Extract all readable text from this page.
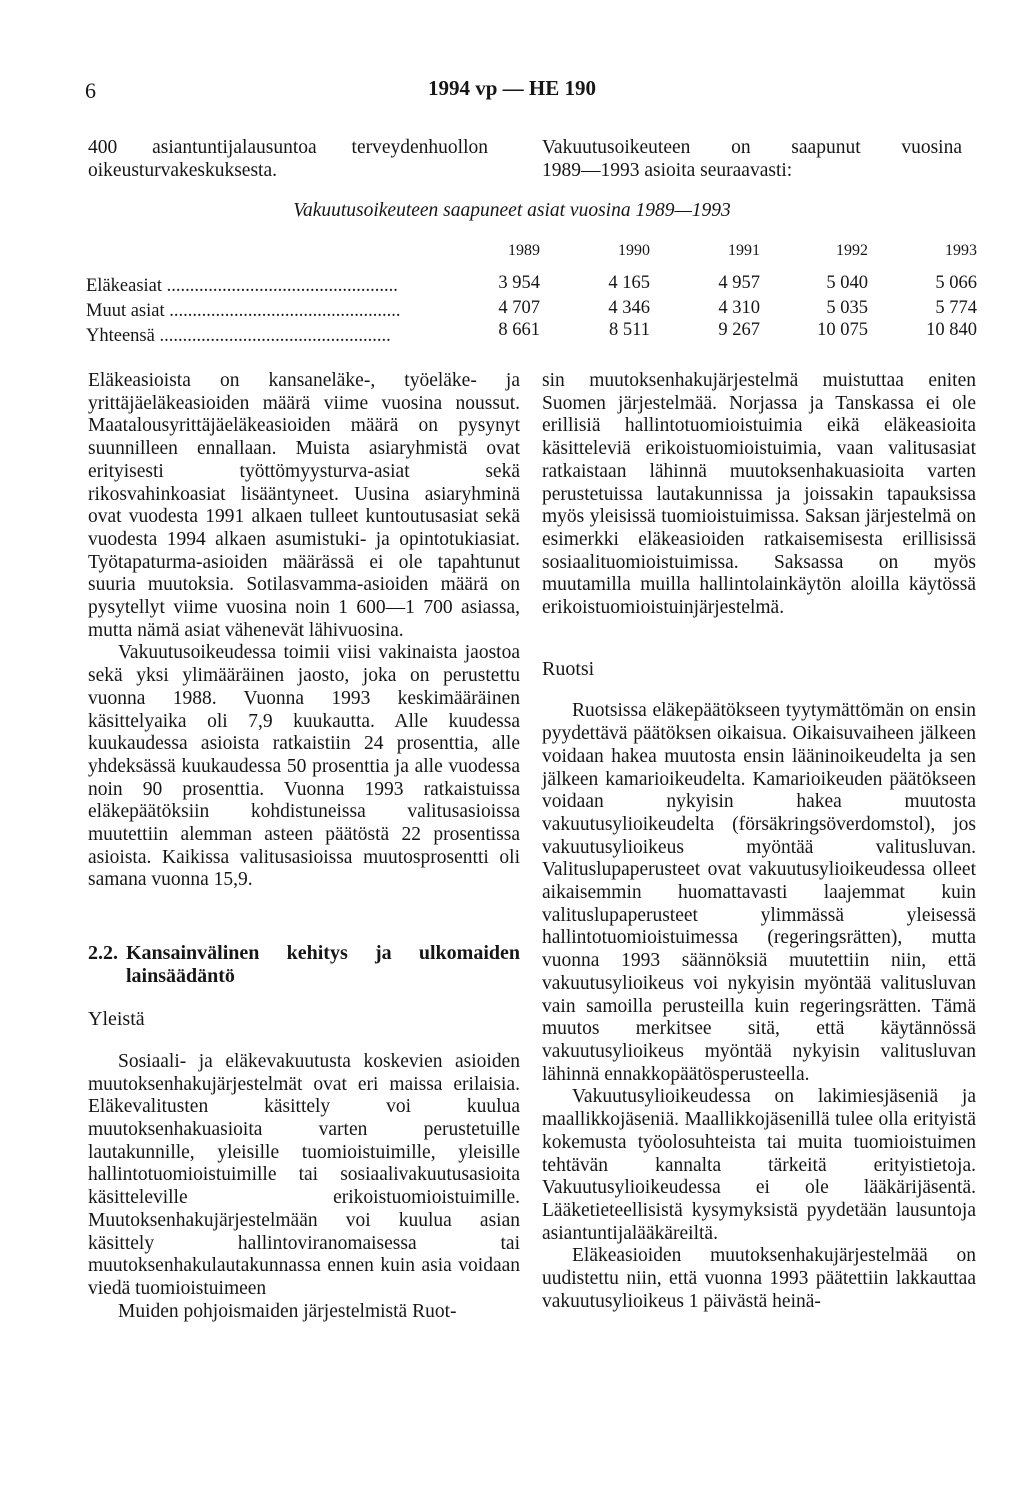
6	1994 vp — HE 190
400 asiantuntijalausuntoa terveydenhuollon oikeusturvakeskuksesta.
Vakuutusoikeuteen on saapunut vuosina
1989—1993 asioita seuraavasti:
Vakuutusoikeuteen saapuneet asiat vuosina 1989—1993
1989	1990	1991	1992	1993
Eläkeasiat ..................................................	3 954	4 165	4 957	5 040	5 066
Muut asiat ..................................................	4 707	4 346	4 310	5 035	5 774
Yhteensä ..................................................	8 661	8 511	9 267	10 075	10 840

Eläkeasioista on kansaneläke-, työeläke- ja yrittäjäeläkeasioiden määrä viime vuosina noussut. Maatalousyrittäjäeläkeasioiden määrä on pysynyt suunnilleen ennallaan. Muista asiaryhmistä ovat erityisesti työttömyysturva-asiat sekä rikosvahinkoasiat lisääntyneet. Uusina asiaryhminä ovat vuodesta 1991 alkaen tulleet kuntoutusasiat sekä vuodesta 1994 alkaen asumistuki- ja opintotukiasiat. Työtapaturma-asioiden määrässä ei ole tapahtunut suuria muutoksia. Sotilasvamma-asioiden määrä on pysytellyt viime vuosina noin 1 600—1 700 asiassa, mutta nämä asiat vähenevät lähivuosina.

Vakuutusoikeudessa toimii viisi vakinaista jaostoa sekä yksi ylimääräinen jaosto, joka on perustettu vuonna 1988. Vuonna 1993 keskimääräinen käsittelyaika oli 7,9 kuukautta. Alle kuudessa kuukaudessa asioista ratkaistiin 24 prosenttia, alle yhdeksässä kuukaudessa 50 prosenttia ja alle vuodessa noin 90 prosenttia. Vuonna 1993 ratkaistuissa eläkepäätöksiin kohdistuneissa valitusasioissa muutettiin alemman asteen päätöstä 22 prosentissa asioista. Kaikissa valitusasioissa muutosprosentti oli samana vuonna 15,9.

2.2. Kansainvälinen kehitys ja ulkomaiden lainsäädäntö

Yleistä

Sosiaali- ja eläkevakuutusta koskevien asioiden muutoksenhakujärjestelmät ovat eri maissa erilaisia. Eläkevalitusten käsittely voi kuulua muutoksenhakuasioita varten perustetuille lautakunnille, yleisille tuomioistuimille, yleisille hallintotuomioistuimille tai sosiaalivakuutusasioita käsitteleville erikoistuomioistuimille. Muutoksenhakujärjestelmään voi kuulua asian käsittely hallintoviranomaisessa tai muutoksenhakulautakunnassa ennen kuin asia voidaan viedä tuomioistuimeen

Muiden pohjoismaiden järjestelmistä Ruot-

sin muutoksenhakujärjestelmä muistuttaa eniten Suomen järjestelmää. Norjassa ja Tanskassa ei ole erillisiä hallintotuomioistuimia eikä eläkeasioita käsitteleviä erikoistuomioistuimia, vaan valitusasiat ratkaistaan lähinnä muutoksenhakuasioita varten perustetuissa lautakunnissa ja joissakin tapauksissa myös yleisissä tuomioistuimissa. Saksan järjestelmä on esimerkki eläkeasioiden ratkaisemisesta erillisissä sosiaalituomioistuimissa. Saksassa on myös muutamilla muilla hallintolainkäytön aloilla käytössä erikoistuomioistuinjärjestelmä.

Ruotsi

Ruotsissa eläkepäätökseen tyytymättömän on ensin pyydettävä päätöksen oikaisua. Oikaisuvaiheen jälkeen voidaan hakea muutosta ensin lääninoikeudelta ja sen jälkeen kamarioikeudelta. Kamarioikeuden päätökseen voidaan nykyisin hakea muutosta vakuutusylioikeudelta (försäkringsöverdomstol), jos vakuutusylioikeus myöntää valitusluvan. Valituslupaperusteet ovat vakuutusylioikeudessa olleet aikaisemmin huomattavasti laajemmat kuin valituslupaperusteet ylimmässä yleisessä hallintotuomioistuimessa (regeringsrätten), mutta vuonna 1993 säännöksiä muutettiin niin, että vakuutusylioikeus voi nykyisin myöntää valitusluvan vain samoilla perusteilla kuin regeringsrätten. Tämä muutos merkitsee sitä, että käytännössä vakuutusylioikeus myöntää nykyisin valitusluvan lähinnä ennakkopäätösperusteella.

Vakuutusylioikeudessa on lakimiesjäseniä ja maallikkojäseniä. Maallikkojäsenillä tulee olla erityistä kokemusta työolosuhteista tai muita tuomioistuimen tehtävän kannalta tärkeitä erityistietoja. Vakuutusylioikeudessa ei ole lääkärijäsentä. Lääketieteellisistä kysymyksistä pyydetään lausuntoja asiantuntijalääkäreiltä.

Eläkeasioiden muutoksenhakujärjestelmää on uudistettu niin, että vuonna 1993 päätettiin lakkauttaa vakuutusylioikeus 1 päivästä heinä-
